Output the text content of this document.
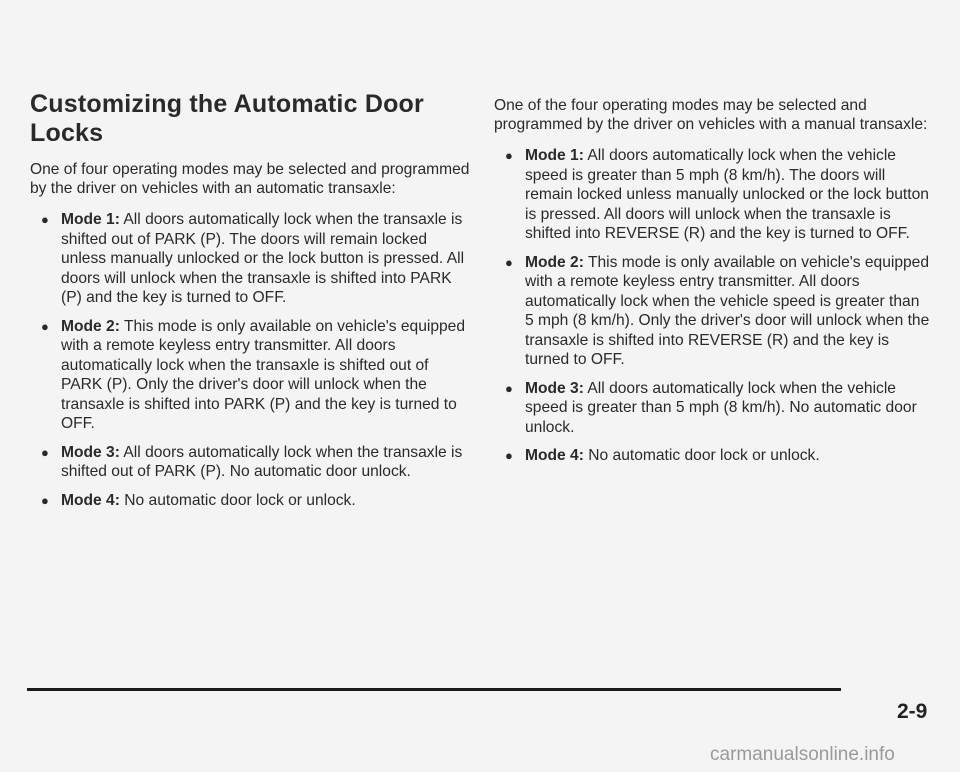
Customizing the Automatic Door Locks

One of four operating modes may be selected and programmed by the driver on vehicles with an automatic transaxle:

● Mode 1: All doors automatically lock when the transaxle is shifted out of PARK (P). The doors will remain locked unless manually unlocked or the lock button is pressed. All doors will unlock when the transaxle is shifted into PARK (P) and the key is turned to OFF.
● Mode 2: This mode is only available on vehicle's equipped with a remote keyless entry transmitter. All doors automatically lock when the transaxle is shifted out of PARK (P). Only the driver's door will unlock when the transaxle is shifted into PARK (P) and the key is turned to OFF.
● Mode 3: All doors automatically lock when the transaxle is shifted out of PARK (P). No automatic door unlock.
● Mode 4: No automatic door lock or unlock.

One of the four operating modes may be selected and programmed by the driver on vehicles with a manual transaxle:

● Mode 1: All doors automatically lock when the vehicle speed is greater than 5 mph (8 km/h). The doors will remain locked unless manually unlocked or the lock button is pressed. All doors will unlock when the transaxle is shifted into REVERSE (R) and the key is turned to OFF.
● Mode 2: This mode is only available on vehicle's equipped with a remote keyless entry transmitter. All doors automatically lock when the vehicle speed is greater than 5 mph (8 km/h). Only the driver's door will unlock when the transaxle is shifted into REVERSE (R) and the key is turned to OFF.
● Mode 3: All doors automatically lock when the vehicle speed is greater than 5 mph (8 km/h). No automatic door unlock.
● Mode 4: No automatic door lock or unlock.
2-9
carmanualsonline.info
